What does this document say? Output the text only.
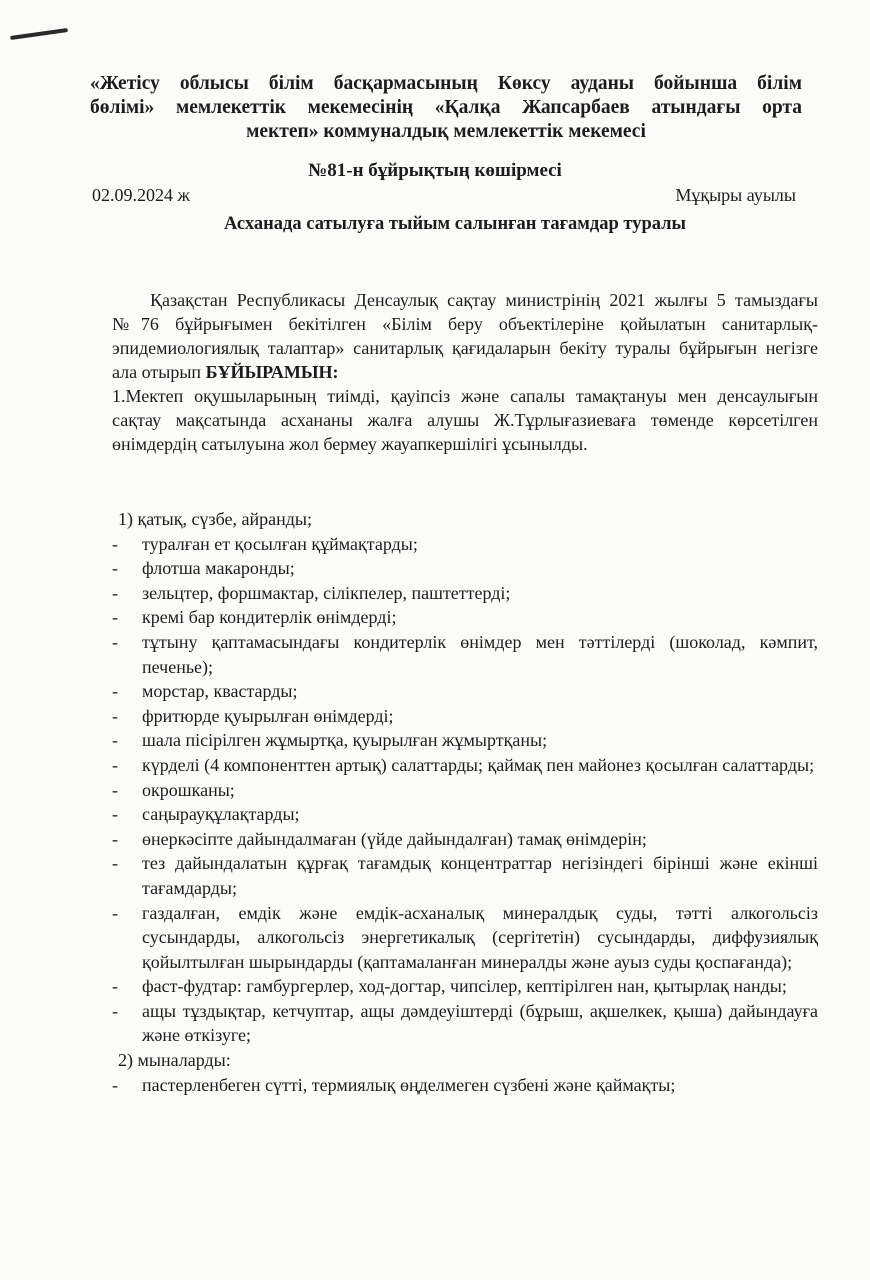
«Жетісу облысы білім басқармасының Көксу ауданы бойынша білім
бөлімі» мемлекеттік мекемесінің «Қалқа Жапсарбаев атындағы орта
мектеп» коммуналдық мемлекеттік мекемесі
№81-н бұйрықтың көшірмесі
02.09.2024 ж	Мұқыры ауылы
Асханада сатылуға тыйым салынған тағамдар туралы

Қазақстан Республикасы Денсаулық сақтау министрінің 2021 жылғы 5 тамыздағы №76 бұйрығымен бекітілген «Білім беру объектілеріне қойылатын санитарлық-эпидемиологиялық талаптар» санитарлық қағидаларын бекіту туралы бұйрығын негізге ала отырып БҰЙЫРАМЫН:

1.Мектеп оқушыларының тиімді, қауіпсіз және сапалы тамақтануы мен денсаулығын сақтау мақсатында асхананы жалға алушы Ж.Тұрлығазиеваға төменде көрсетілген өнімдердің сатылуына жол бермеу жауапкершілігі ұсынылды.

1) қатық, сүзбе, айранды;
- туралған ет қосылған құймақтарды;
- флотша макаронды;
- зельцтер, форшмактар, сілікпелер, паштеттерді;
- кремі бар кондитерлік өнімдерді;
- тұтыну қаптамасындағы кондитерлік өнімдер мен тәттілерді (шоколад, кәмпит, печенье);
- морстар, квастарды;
- фритюрде қуырылған өнімдерді;
- шала пісірілген жұмыртқа, қуырылған жұмыртқаны;
- күрделі (4 компоненттен артық) салаттарды; қаймақ пен майонез қосылған салаттарды;
- окрошканы;
- саңырауқұлақтарды;
- өнеркәсіпте дайындалмаған (үйде дайындалған) тамақ өнімдерін;
- тез дайындалатын құрғақ тағамдық концентраттар негізіндегі бірінші және екінші тағамдарды;
- газдалған, емдік және емдік-асханалық минералдық суды, тәтті алкогольсіз сусындарды, алкогольсіз энергетикалық (сергітетін) сусындарды, диффузиялық қойылтылған шырындарды (қаптамаланған минералды және ауыз суды қоспағанда);
- фаст-фудтар: гамбургерлер, ход-догтар, чипсілер, кептірілген нан, қытырлақ нанды;
- ащы тұздықтар, кетчуптар, ащы дәмдеуіштерді (бұрыш, ақшелкек, қыша) дайындауға және өткізуге;
2) мыналарды:
- пастерленбеген сүтті, термиялық өңделмеген сүзбені және қаймақты;
